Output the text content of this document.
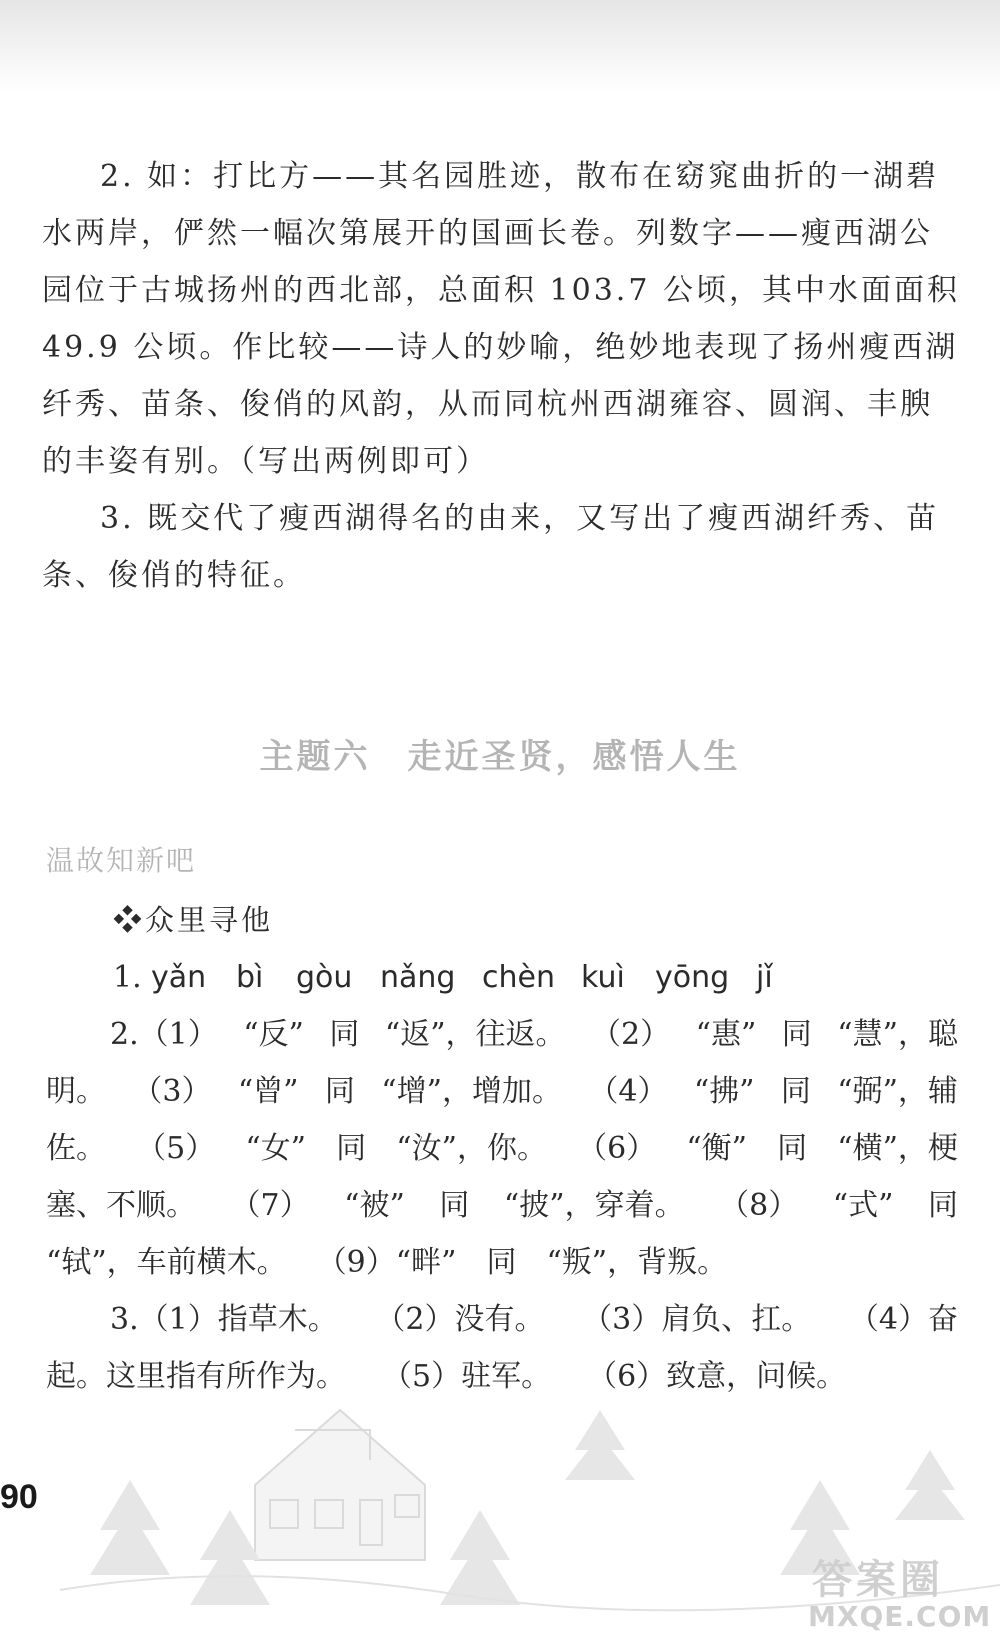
2. 如：打比方——其名园胜迹，散布在窈窕曲折的一湖碧

水两岸，俨然一幅次第展开的国画长卷。列数字——瘦西湖公

园位于古城扬州的西北部，总面积 103.7 公顷，其中水面面积

49.9 公顷。作比较——诗人的妙喻，绝妙地表现了扬州瘦西湖

纤秀、苗条、俊俏的风韵，从而同杭州西湖雍容、圆润、丰腴

的丰姿有别。（写出两例即可）

3. 既交代了瘦西湖得名的由来，又写出了瘦西湖纤秀、苗

条、俊俏的特征。

主题六　走近圣贤，感悟人生
温故知新吧

❖众里寻他

1. yǎn bì gòu nǎng chèn kuì yōng jǐ
2.（1） “反” 同 “返”，往返。 （2） “惠” 同 “慧”，聪
明。 （3） “曾” 同 “增”，增加。 （4） “拂” 同 “弼”，辅
佐。 （5） “女” 同 “汝”，你。 （6） “衡” 同 “横”，梗
塞、不顺。 （7） “被” 同 “披”，穿着。 （8） “式” 同
“轼”，车前横木。 （9）“畔” 同 “叛”，背叛。
3.（1）指草木。 （2）没有。 （3）肩负、扛。 （4）奋
起。这里指有所作为。 （5）驻军。 （6）致意，问候。
90
答案圈
MXQE.COM
